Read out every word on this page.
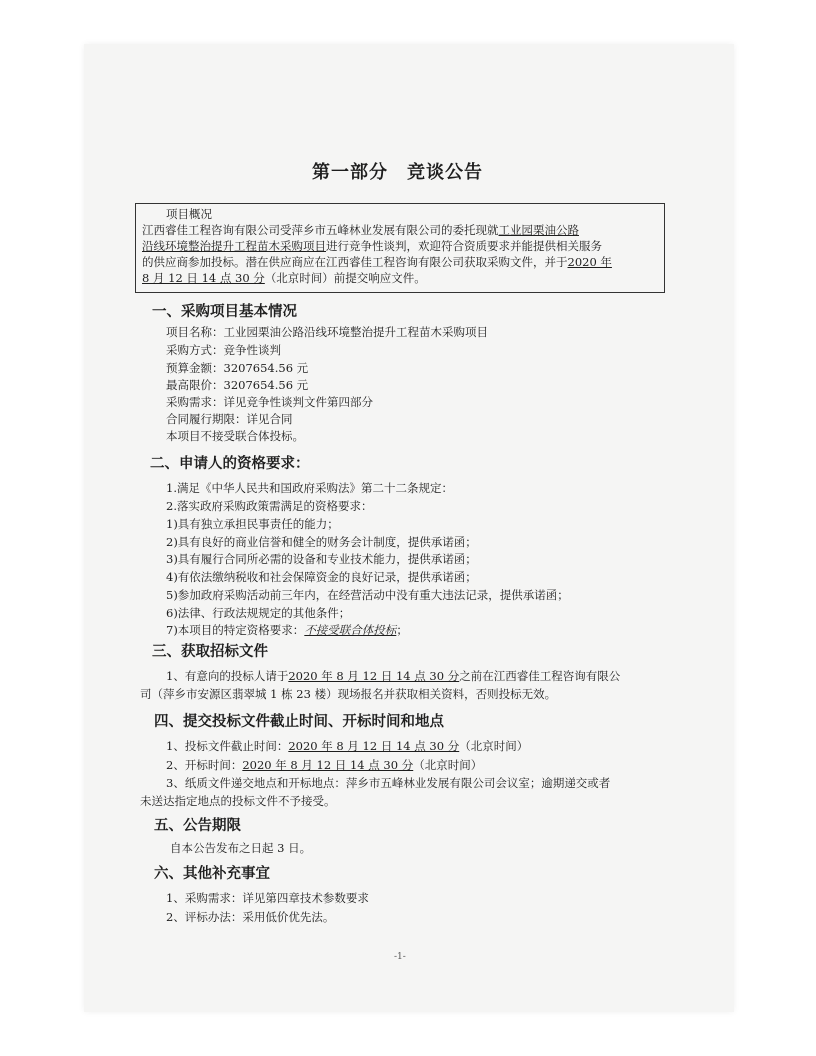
第一部分　竞谈公告
项目概况
江西睿佳工程咨询有限公司受萍乡市五峰林业发展有限公司的委托现就工业园栗油公路
沿线环境整治提升工程苗木采购项目进行竞争性谈判，欢迎符合资质要求并能提供相关服务
的供应商参加投标。潜在供应商应在江西睿佳工程咨询有限公司获取采购文件，并于2020 年
8 月 12 日 14 点 30 分（北京时间）前提交响应文件。
一、采购项目基本情况
项目名称：工业园栗油公路沿线环境整治提升工程苗木采购项目
采购方式：竞争性谈判
预算金额：3207654.56 元
最高限价：3207654.56 元
采购需求：详见竞争性谈判文件第四部分
合同履行期限：详见合同
本项目不接受联合体投标。
二、申请人的资格要求：
1.满足《中华人民共和国政府采购法》第二十二条规定：
2.落实政府采购政策需满足的资格要求：
1)具有独立承担民事责任的能力；
2)具有良好的商业信誉和健全的财务会计制度，提供承诺函；
3)具有履行合同所必需的设备和专业技术能力，提供承诺函；
4)有依法缴纳税收和社会保障资金的良好记录，提供承诺函；
5)参加政府采购活动前三年内，在经营活动中没有重大违法记录，提供承诺函；
6)法律、行政法规规定的其他条件；
7)本项目的特定资格要求：不接受联合体投标；
三、获取招标文件
1、有意向的投标人请于2020 年 8 月 12 日 14 点 30 分之前在江西睿佳工程咨询有限公
司（萍乡市安源区翡翠城 1 栋 23 楼）现场报名并获取相关资料，否则投标无效。
四、提交投标文件截止时间、开标时间和地点
1、投标文件截止时间：2020 年 8 月 12 日 14 点 30 分（北京时间）
2、开标时间：2020 年 8 月 12 日 14 点 30 分（北京时间）
3、纸质文件递交地点和开标地点：萍乡市五峰林业发展有限公司会议室；逾期递交或者
未送达指定地点的投标文件不予接受。
五、公告期限
自本公告发布之日起 3 日。
六、其他补充事宜
1、采购需求：详见第四章技术参数要求
2、评标办法：采用低价优先法。
-1-
